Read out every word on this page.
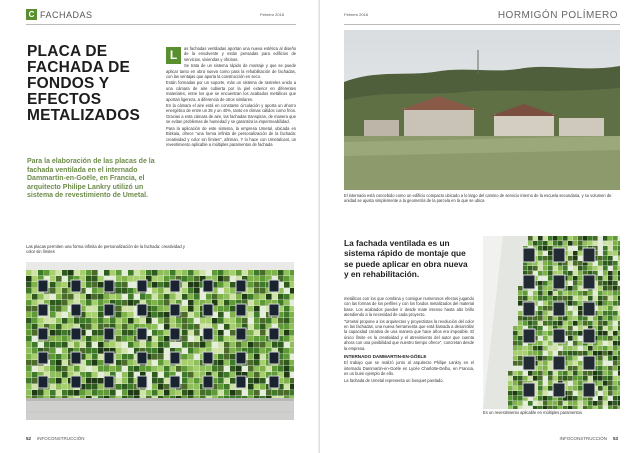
C FACHADAS	Febrero 2018
PLACA DE FACHADA DE FONDOS Y EFECTOS METALIZADOS

Para la elaboración de las placas de la fachada ventilada en el internado Dammartin-en-Goële, en Francia, el arquitecto Philipe Lankry utilizó un sistema de revestimiento de Umetal.

L	as fachadas ventiladas aportan una nueva estética al diseño de la envolvente y están pensadas para edificios de servicios, viviendas y oficinas.

Se trata de un sistema rápido de montaje y que se puede aplicar tanto en obra nueva como para la rehabilitación de fachadas, con las ventajas que aporta la construcción en seco.

Están formadas por un soporte, más un sistema de rastreles unido a una cámara de aire cubierta por la piel exterior en diferentes materiales, entre los que se encuentran los acabados metálicos que aportan ligereza, a diferencia de otros similares.

En la cámara el aire está en constante circulación y aporta un ahorro energético de entre un 35 y un 40%, tanto en climas cálidos como fríos. Gracias a esta cámara de aire, las fachadas transpiran, de manera que se evitan problemas de humedad y se garantiza la impermeabilidad.

Para la aplicación de este sistema, la empresa Umetal, ubicada en Bizkaia, ofrece "una forma infinita de personalización de la fachada: creatividad y color sin límites", afirman. Y lo hace con Umetalcoat, un revestimiento aplicable a múltiples paramentos de fachada

Las placas permiten una forma infinita de personalización de la fachada: creatividad y color sin límites
52 INFOCONSTRUCCIÓN
Febrero 2018	HORMIGÓN POLÍMERO
El internado está concebido como un edificio compacto ubicado a lo largo del camino de servicio interno de la escuela secundaria, y su volumen de unidad se ajusta simplemente a la geometría de la parcela en la que se ubica
La fachada ventilada es un sistema rápido de montaje que se puede aplicar en obra nueva y en rehabilitación.

metálicos con los que combina y consigue numerosos efectos jugando con las formas de los perfiles y con los fondos metalizados del material base. Los acabados pueden ir desde mate intenso hasta alto brillo atendiendo a la necesidad de cada proyecto.

"Umetal propone a los arquitectos y proyectistas la revolución del color en las fachadas, una nueva herramienta que está llamada a desarrollar la capacidad creativa de una manera que hace años era imposible. El único límite es la creatividad y el atrevimiento del autor que cuenta ahora con una posibilidad que nuestro tiempo ofrece", concretan desde la empresa.

INTERNADO DAMMARTIN-EN-GÖELE

El trabajo que se realizó junto al arquitecto Philipe Lankry en el internado Dammartin-en-Goële en Lycée Charlotte-Delbo, en Francia, es un buen ejemplo de ello.

La fachada de Umetal representa un bosquet pixelado.

Es un revestimiento aplicable en múltiples paramentos
INFOCONSTRUCCIÓN 53
